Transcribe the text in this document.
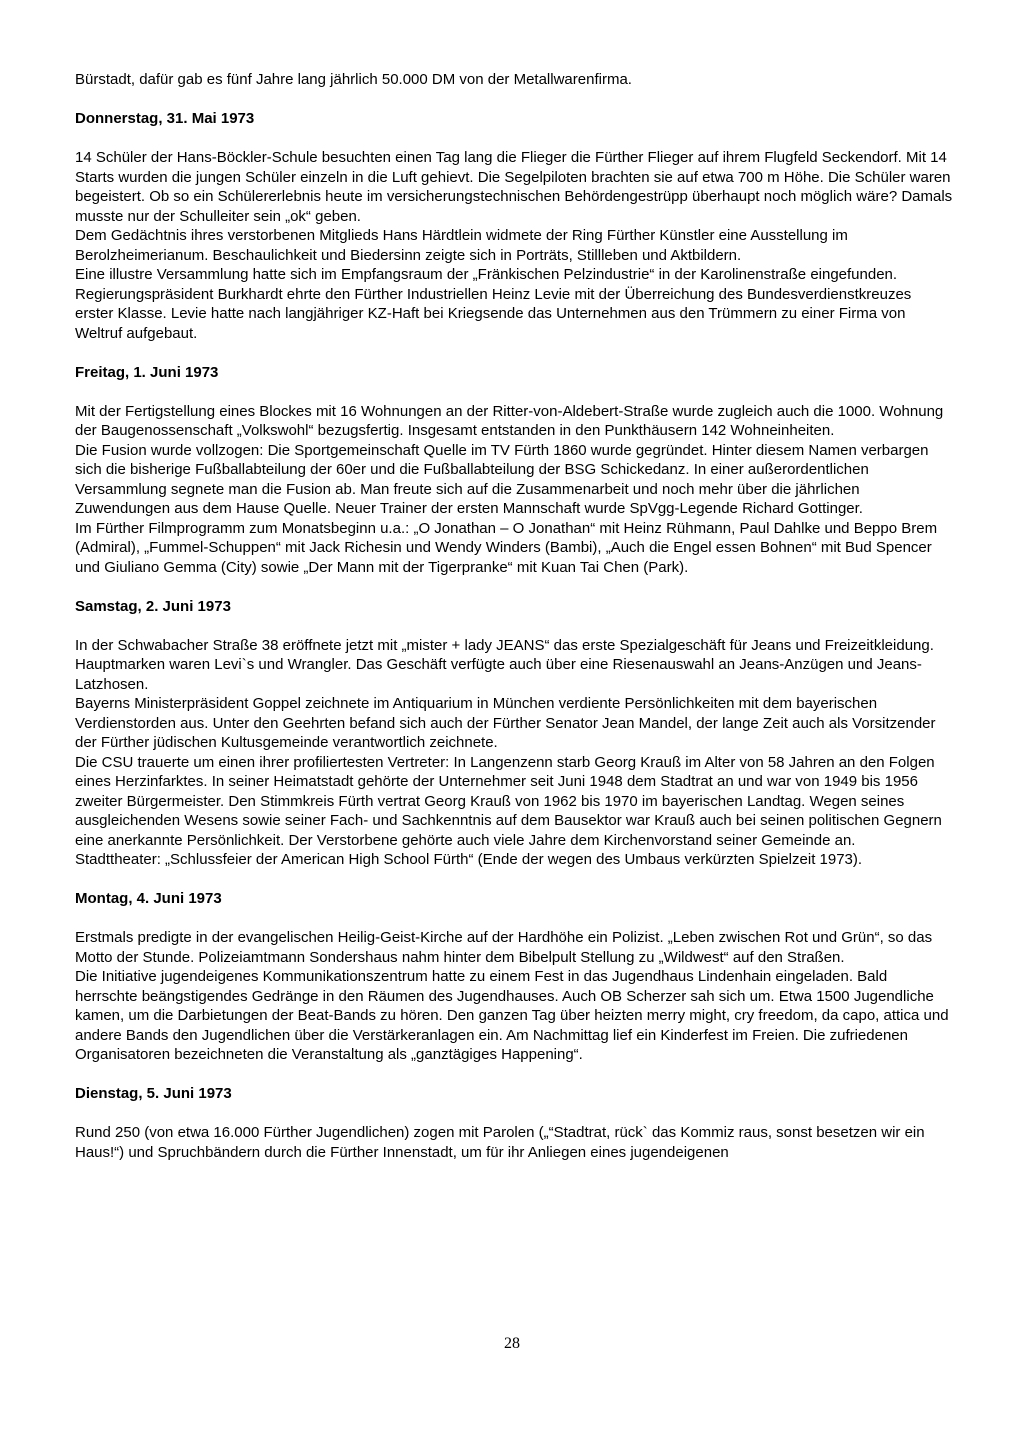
Bürstadt, dafür gab es fünf Jahre lang jährlich 50.000 DM von der Metallwarenfirma.

Donnerstag, 31. Mai 1973

14 Schüler der Hans-Böckler-Schule besuchten einen Tag lang die Flieger die Fürther Flieger auf ihrem Flugfeld Seckendorf. Mit 14 Starts wurden die jungen Schüler einzeln in die Luft gehievt. Die Segelpiloten brachten sie auf etwa 700 m Höhe. Die Schüler waren begeistert. Ob so ein Schülererlebnis heute im versicherungstechnischen Behördengestrüpp überhaupt noch möglich wäre? Damals musste nur der Schulleiter sein „ok“ geben.

Dem Gedächtnis ihres verstorbenen Mitglieds Hans Härdtlein widmete der Ring Fürther Künstler eine Ausstellung im Berolzheimerianum. Beschaulichkeit und Biedersinn zeigte sich in Porträts, Stillleben und Aktbildern.

Eine illustre Versammlung hatte sich im Empfangsraum der „Fränkischen Pelzindustrie“ in der Karolinenstraße eingefunden. Regierungspräsident Burkhardt ehrte den Fürther Industriellen Heinz Levie mit der Überreichung des Bundesverdienstkreuzes erster Klasse. Levie hatte nach langjähriger KZ-Haft bei Kriegsende das Unternehmen aus den Trümmern zu einer Firma von Weltruf aufgebaut.

Freitag, 1. Juni 1973

Mit der Fertigstellung eines Blockes mit 16 Wohnungen an der Ritter-von-Aldebert-Straße wurde zugleich auch die 1000. Wohnung der Baugenossenschaft „Volkswohl“ bezugsfertig. Insgesamt entstanden in den Punkthäusern 142 Wohneinheiten.

Die Fusion wurde vollzogen: Die Sportgemeinschaft Quelle im TV Fürth 1860 wurde gegründet. Hinter diesem Namen verbargen sich die bisherige Fußballabteilung der 60er und die Fußballabteilung der BSG Schickedanz. In einer außerordentlichen Versammlung segnete man die Fusion ab. Man freute sich auf die Zusammenarbeit und noch mehr über die jährlichen Zuwendungen aus dem Hause Quelle. Neuer Trainer der ersten Mannschaft wurde SpVgg-Legende Richard Gottinger.

Im Fürther Filmprogramm zum Monatsbeginn u.a.: „O Jonathan – O Jonathan“ mit Heinz Rühmann, Paul Dahlke und Beppo Brem (Admiral), „Fummel-Schuppen“ mit Jack Richesin und Wendy Winders (Bambi), „Auch die Engel essen Bohnen“ mit Bud Spencer und Giuliano Gemma (City) sowie „Der Mann mit der Tigerpranke“ mit Kuan Tai Chen (Park).

Samstag, 2. Juni 1973

In der Schwabacher Straße 38 eröffnete jetzt mit „mister + lady JEANS“ das erste Spezialgeschäft für Jeans und Freizeitkleidung. Hauptmarken waren Levi`s und Wrangler. Das Geschäft verfügte auch über eine Riesenauswahl an Jeans-Anzügen und Jeans-Latzhosen.

Bayerns Ministerpräsident Goppel zeichnete im Antiquarium in München verdiente Persönlichkeiten mit dem bayerischen Verdienstorden aus. Unter den Geehrten befand sich auch der Fürther Senator Jean Mandel, der lange Zeit auch als Vorsitzender der Fürther jüdischen Kultusgemeinde verantwortlich zeichnete.

Die CSU trauerte um einen ihrer profiliertesten Vertreter: In Langenzenn starb Georg Krauß im Alter von 58 Jahren an den Folgen eines Herzinfarktes. In seiner Heimatstadt gehörte der Unternehmer seit Juni 1948 dem Stadtrat an und war von 1949 bis 1956 zweiter Bürgermeister. Den Stimmkreis Fürth vertrat Georg Krauß von 1962 bis 1970 im bayerischen Landtag. Wegen seines ausgleichenden Wesens sowie seiner Fach- und Sachkenntnis auf dem Bausektor war Krauß auch bei seinen politischen Gegnern eine anerkannte Persönlichkeit. Der Verstorbene gehörte auch viele Jahre dem Kirchenvorstand seiner Gemeinde an.

Stadttheater: „Schlussfeier der American High School Fürth“ (Ende der wegen des Umbaus verkürzten Spielzeit 1973).

Montag, 4. Juni 1973

Erstmals predigte in der evangelischen Heilig-Geist-Kirche auf der Hardhöhe ein Polizist. „Leben zwischen Rot und Grün“, so das Motto der Stunde. Polizeiamtmann Sondershaus nahm hinter dem Bibelpult Stellung zu „Wildwest“ auf den Straßen.

Die Initiative jugendeigenes Kommunikationszentrum hatte zu einem Fest in das Jugendhaus Lindenhain eingeladen. Bald herrschte beängstigendes Gedränge in den Räumen des Jugendhauses. Auch OB Scherzer sah sich um. Etwa 1500 Jugendliche kamen, um die Darbietungen der Beat-Bands zu hören. Den ganzen Tag über heizten merry might, cry freedom, da capo, attica und andere Bands den Jugendlichen über die Verstärkeranlagen ein. Am Nachmittag lief ein Kinderfest im Freien. Die zufriedenen Organisatoren bezeichneten die Veranstaltung als „ganztägiges Happening“.

Dienstag, 5. Juni 1973

Rund 250 (von etwa 16.000 Fürther Jugendlichen) zogen mit Parolen („“Stadtrat, rück` das Kommiz raus, sonst besetzen wir ein Haus!“) und Spruchbändern durch die Fürther Innenstadt, um für ihr Anliegen eines jugendeigenen

28
